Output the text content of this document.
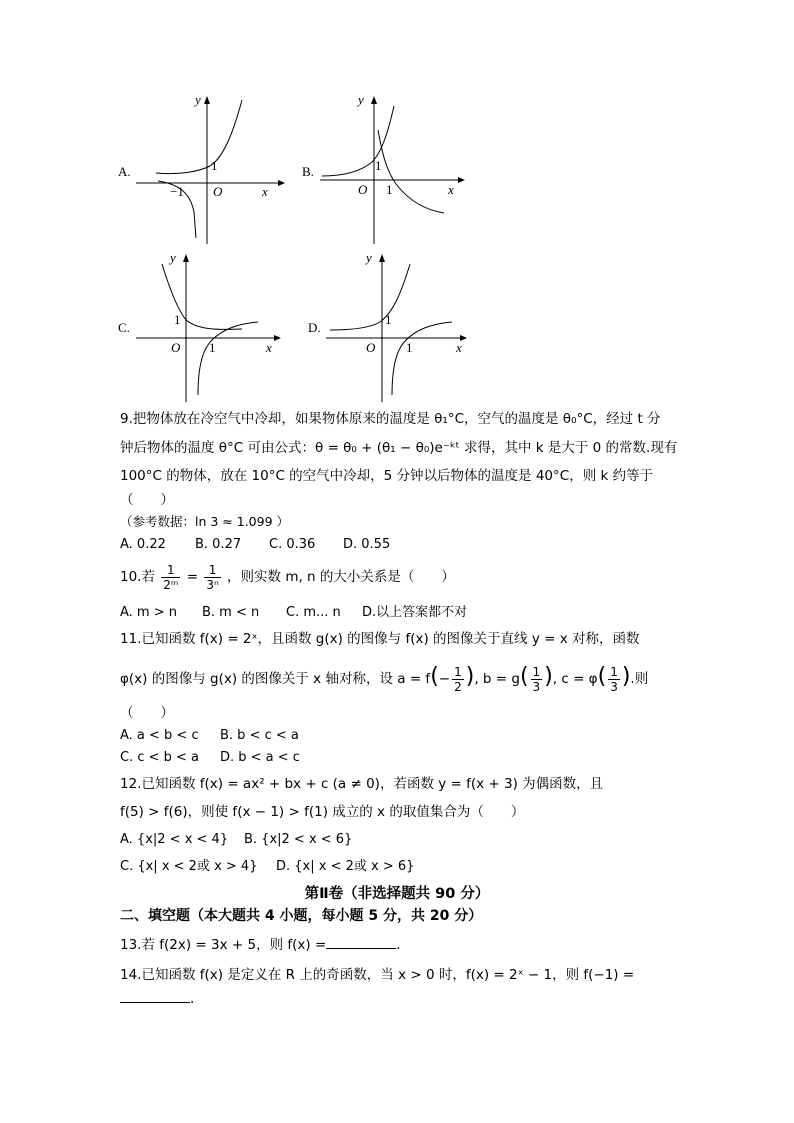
A.
y
1
−1 O	x
B.
y
1
O 1	x
C.
y
1
O 1	x
D.
y
1
O 1	x
9.把物体放在冷空气中冷却，如果物体原来的温度是 θ₁°C，空气的温度是 θ₀°C，经过 t 分
钟后物体的温度 θ°C 可由公式：θ = θ₀ + (θ₁ − θ₀)e⁻ᵏᵗ 求得，其中 k 是大于 0 的常数.现有
100°C 的物体，放在 10°C 的空气中冷却，5 分钟以后物体的温度是 40°C，则 k 约等于
（　　）
（参考数据：ln 3 ≈ 1.099 ）
A. 0.22 B. 0.27 C. 0.36 D. 0.55
10.若 $\frac{1}{\text{2ᵐ}} = \frac{1}{\text{3ⁿ}}$ ，则实数 m, n 的大小关系是（　　）
A. m > n B. m < n C. m... n D.以上答案都不对
11.已知函数 f(x) = 2ˣ，且函数 g(x) 的图像与 f(x) 的图像关于直线 y = x 对称，函数
φ(x) 的图像与 g(x) 的图像关于 x 轴对称，设 $a = f(- \frac{1}{2}$ ), $b = g( \frac{1}{3}$ ), $c = \varphi( \frac{1}{3}$ ).则
（　　）
A. a < b < c B. b < c < a
C. c < b < a D. b < a < c
12.已知函数 f(x) = ax² + bx + c (a ≠ 0)，若函数 y = f(x + 3) 为偶函数，且
f(5) > f(6)，则使 f(x − 1) > f(1) 成立的 x 的取值集合为（　　）
A. {x|2 < x < 4} B. {x|2 < x < 6}
C. {x| x < 2或 x > 4} D. {x| x < 2或 x > 6}
第Ⅱ卷（非选择题共 90 分）
二、填空题（本大题共 4 小题，每小题 5 分，共 20 分）
13.若 f(2x) = 3x + 5，则 f(x) =	.
14.已知函数 f(x) 是定义在 R 上的奇函数，当 x > 0 时，f(x) = 2ˣ − 1，则 f(−1) =
.
